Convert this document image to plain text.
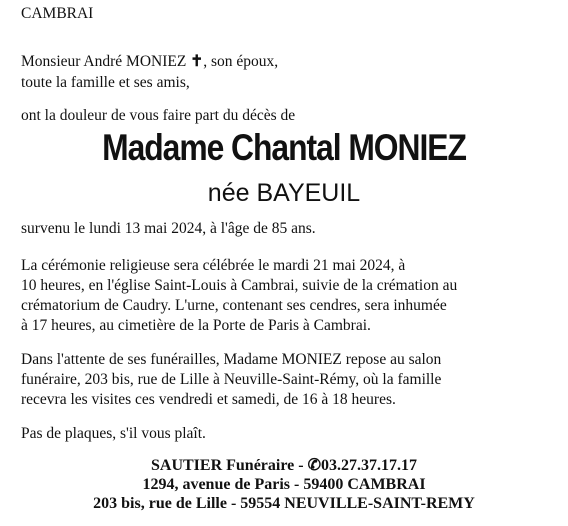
CAMBRAI

Monsieur André MONIEZ ✝, son époux,

toute la famille et ses amis,

ont la douleur de vous faire part du décès de

Madame Chantal MONIEZ
née BAYEUIL

survenu le lundi 13 mai 2024, à l'âge de 85 ans.

La cérémonie religieuse sera célébrée le mardi 21 mai 2024, à

10 heures, en l'église Saint-Louis à Cambrai, suivie de la crémation au

crématorium de Caudry. L'urne, contenant ses cendres, sera inhumée

à 17 heures, au cimetière de la Porte de Paris à Cambrai.

Dans l'attente de ses funérailles, Madame MONIEZ repose au salon

funéraire, 203 bis, rue de Lille à Neuville-Saint-Rémy, où la famille

recevra les visites ces vendredi et samedi, de 16 à 18 heures.

Pas de plaques, s'il vous plaît.

SAUTIER Funéraire - ✆03.27.37.17.17
1294, avenue de Paris - 59400 CAMBRAI
203 bis, rue de Lille - 59554 NEUVILLE-SAINT-REMY
